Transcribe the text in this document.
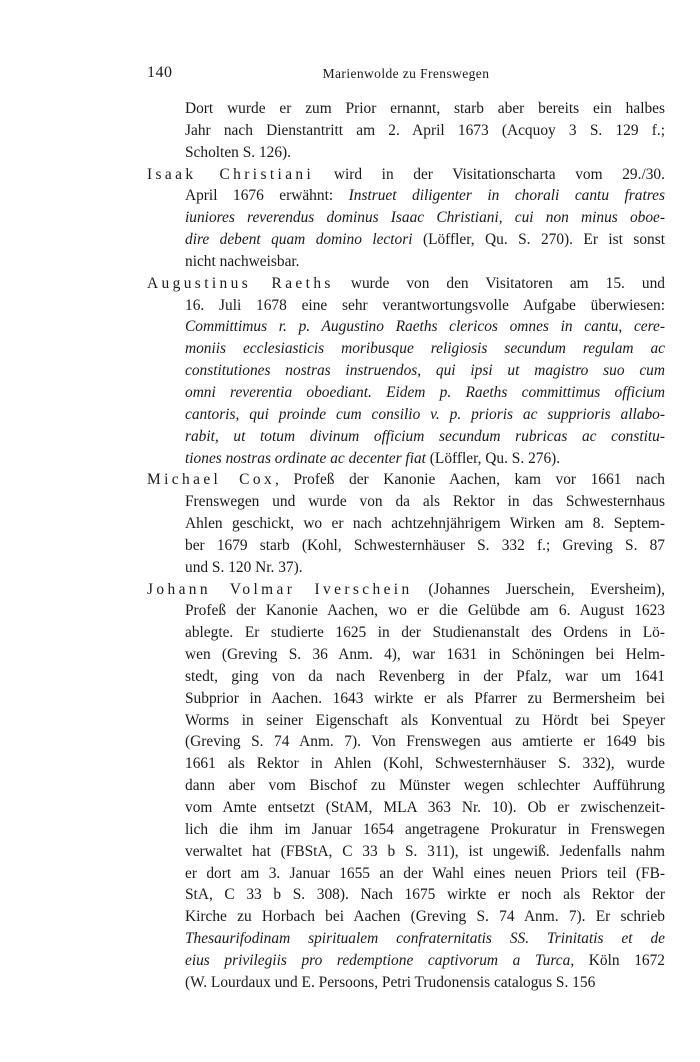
140	Marienwolde zu Frenswegen
Dort wurde er zum Prior ernannt, starb aber bereits ein halbes
Jahr nach Dienstantritt am 2. April 1673 (Acquoy 3 S. 129 f.;
Scholten S. 126).
Isaak Christiani wird in der Visitationscharta vom 29./30.
April 1676 erwähnt: Instruet diligenter in chorali cantu fratres
iuniores reverendus dominus Isaac Christiani, cui non minus oboe-
dire debent quam domino lectori (Löffler, Qu. S. 270). Er ist sonst
nicht nachweisbar.
Augustinus Raeths wurde von den Visitatoren am 15. und
16. Juli 1678 eine sehr verantwortungsvolle Aufgabe überwiesen:
Committimus r. p. Augustino Raeths clericos omnes in cantu, cere-
moniis ecclesiasticis moribusque religiosis secundum regulam ac
constitutiones nostras instruendos, qui ipsi ut magistro suo cum
omni reverentia oboediant. Eidem p. Raeths committimus officium
cantoris, qui proinde cum consilio v. p. prioris ac supprioris allabo-
rabit, ut totum divinum officium secundum rubricas ac constitu-
tiones nostras ordinate ac decenter fiat (Löffler, Qu. S. 276).
Michael Cox, Profeß der Kanonie Aachen, kam vor 1661 nach
Frenswegen und wurde von da als Rektor in das Schwesternhaus
Ahlen geschickt, wo er nach achtzehnjährigem Wirken am 8. Septem-
ber 1679 starb (Kohl, Schwesternhäuser S. 332 f.; Greving S. 87
und S. 120 Nr. 37).
Johann Volmar Iverschein (Johannes Juerschein, Eversheim),
Profeß der Kanonie Aachen, wo er die Gelübde am 6. August 1623
ablegte. Er studierte 1625 in der Studienanstalt des Ordens in Lö-
wen (Greving S. 36 Anm. 4), war 1631 in Schöningen bei Helm-
stedt, ging von da nach Revenberg in der Pfalz, war um 1641
Subprior in Aachen. 1643 wirkte er als Pfarrer zu Bermersheim bei
Worms in seiner Eigenschaft als Konventual zu Hördt bei Speyer
(Greving S. 74 Anm. 7). Von Frenswegen aus amtierte er 1649 bis
1661 als Rektor in Ahlen (Kohl, Schwesternhäuser S. 332), wurde
dann aber vom Bischof zu Münster wegen schlechter Aufführung
vom Amte entsetzt (StAM, MLA 363 Nr. 10). Ob er zwischenzeit-
lich die ihm im Januar 1654 angetragene Prokuratur in Frenswegen
verwaltet hat (FBStA, C 33 b S. 311), ist ungewiß. Jedenfalls nahm
er dort am 3. Januar 1655 an der Wahl eines neuen Priors teil (FB-
StA, C 33 b S. 308). Nach 1675 wirkte er noch als Rektor der
Kirche zu Horbach bei Aachen (Greving S. 74 Anm. 7). Er schrieb
Thesaurifodinam spiritualem confraternitatis SS. Trinitatis et de
eius privilegiis pro redemptione captivorum a Turca, Köln 1672
(W. Lourdaux und E. Persoons, Petri Trudonensis catalogus S. 156
